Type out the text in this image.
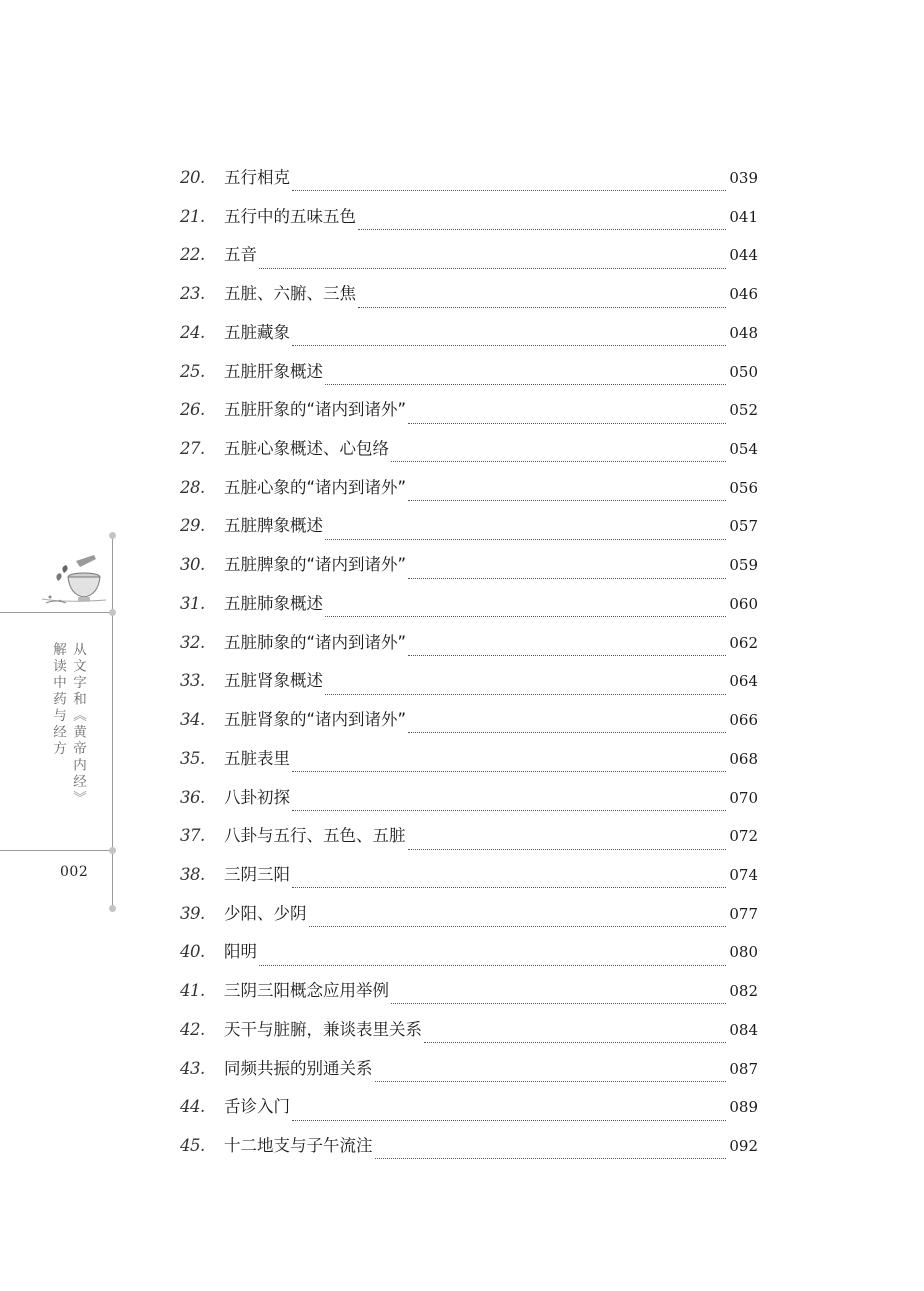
从文字和《黄帝内经》
解读中药与经方
002
20.	五行相克	039
21.	五行中的五味五色	041
22.	五音	044
23.	五脏、六腑、三焦	046
24.	五脏藏象	048
25.	五脏肝象概述	050
26.	五脏肝象的“诸内到诸外”	052
27.	五脏心象概述、心包络	054
28.	五脏心象的“诸内到诸外”	056
29.	五脏脾象概述	057
30.	五脏脾象的“诸内到诸外”	059
31.	五脏肺象概述	060
32.	五脏肺象的“诸内到诸外”	062
33.	五脏肾象概述	064
34.	五脏肾象的“诸内到诸外”	066
35.	五脏表里	068
36.	八卦初探	070
37.	八卦与五行、五色、五脏	072
38.	三阴三阳	074
39.	少阳、少阴	077
40.	阳明	080
41.	三阴三阳概念应用举例	082
42.	天干与脏腑，兼谈表里关系	084
43.	同频共振的别通关系	087
44.	舌诊入门	089
45.	十二地支与子午流注	092
